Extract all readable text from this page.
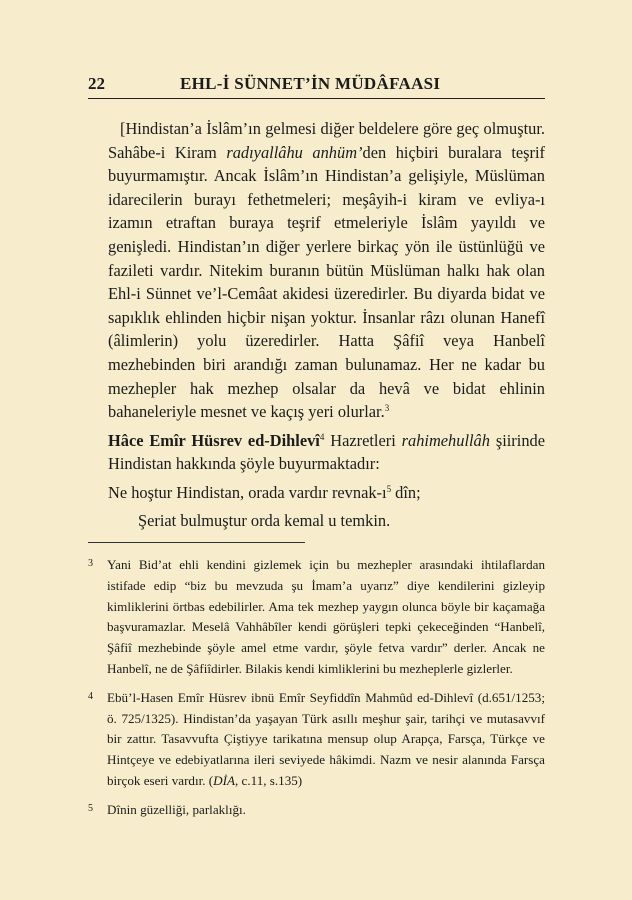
22	EHL-İ SÜNNET’İN MÜDÂFAASI

[Hindistan’a İslâm’ın gelmesi diğer beldelere göre geç olmuştur. Sahâbe-i Kiram radıyallâhu anhüm’den hiçbiri buralara teşrif buyurmamıştır. Ancak İslâm’ın Hindistan’a gelişiyle, Müslüman idarecilerin burayı fethetmeleri; meşâyih-i kiram ve evliya-ı izamın etraftan buraya teşrif etmeleriyle İslâm yayıldı ve genişledi. Hindistan’ın diğer yerlere birkaç yön ile üstünlüğü ve fazileti vardır. Nitekim buranın bütün Müslüman halkı hak olan Ehl-i Sünnet ve’l-Cemâat akidesi üzeredirler. Bu diyarda bidat ve sapıklık ehlinden hiçbir nişan yoktur. İnsanlar râzı olunan Hanefî (âlimlerin) yolu üzeredirler. Hatta Şâfiî veya Hanbelî mezhebinden biri arandığı zaman bulunamaz. Her ne kadar bu mezhepler hak mezhep olsalar da hevâ ve bidat ehlinin bahaneleriyle mesnet ve kaçış yeri olurlar.$^3$

Hâce Emîr Hüsrev ed-Dihlevî$^4$ Hazretleri rahimehullâh şiirinde Hindistan hakkında şöyle buyurmaktadır:

Ne hoştur Hindistan, orada vardır revnak-$ı^5$ dîn;

Şeriat bulmuştur orda kemal u temkin.

3	Yani Bid’at ehli kendini gizlemek için bu mezhepler arasındaki ihtilaflardan istifade edip “biz bu mevzuda şu İmam’a uyarız” diye kendilerini gizleyip kimliklerini örtbas edebilirler. Ama tek mezhep yaygın olunca böyle bir kaçamağa başvuramazlar. Meselâ Vahhâbîler kendi görüşleri tepki çekeceğinden “Hanbelî, Şâfiî mezhebinde şöyle amel etme vardır, şöyle fetva vardır” derler. Ancak ne Hanbelî, ne de Şâfiîdirler. Bilakis kendi kimliklerini bu mezheplerle gizlerler.
4	Ebü’l-Hasen Emîr Hüsrev ibnü Emîr Seyfiddîn Mahmûd ed-Dihlevî (d.651/1253; ö. 725/1325). Hindistan’da yaşayan Türk asıllı meşhur şair, tarihçi ve mutasavvıf bir zattır. Tasavvufta Çiştiyye tarikatına mensup olup Arapça, Farsça, Türkçe ve Hintçeye ve edebiyatlarına ileri seviyede hâkimdi. Nazm ve nesir alanında Farsça birçok eseri vardır. (DİA, c.11, s.135)
5	Dînin güzelliği, parlaklığı.
